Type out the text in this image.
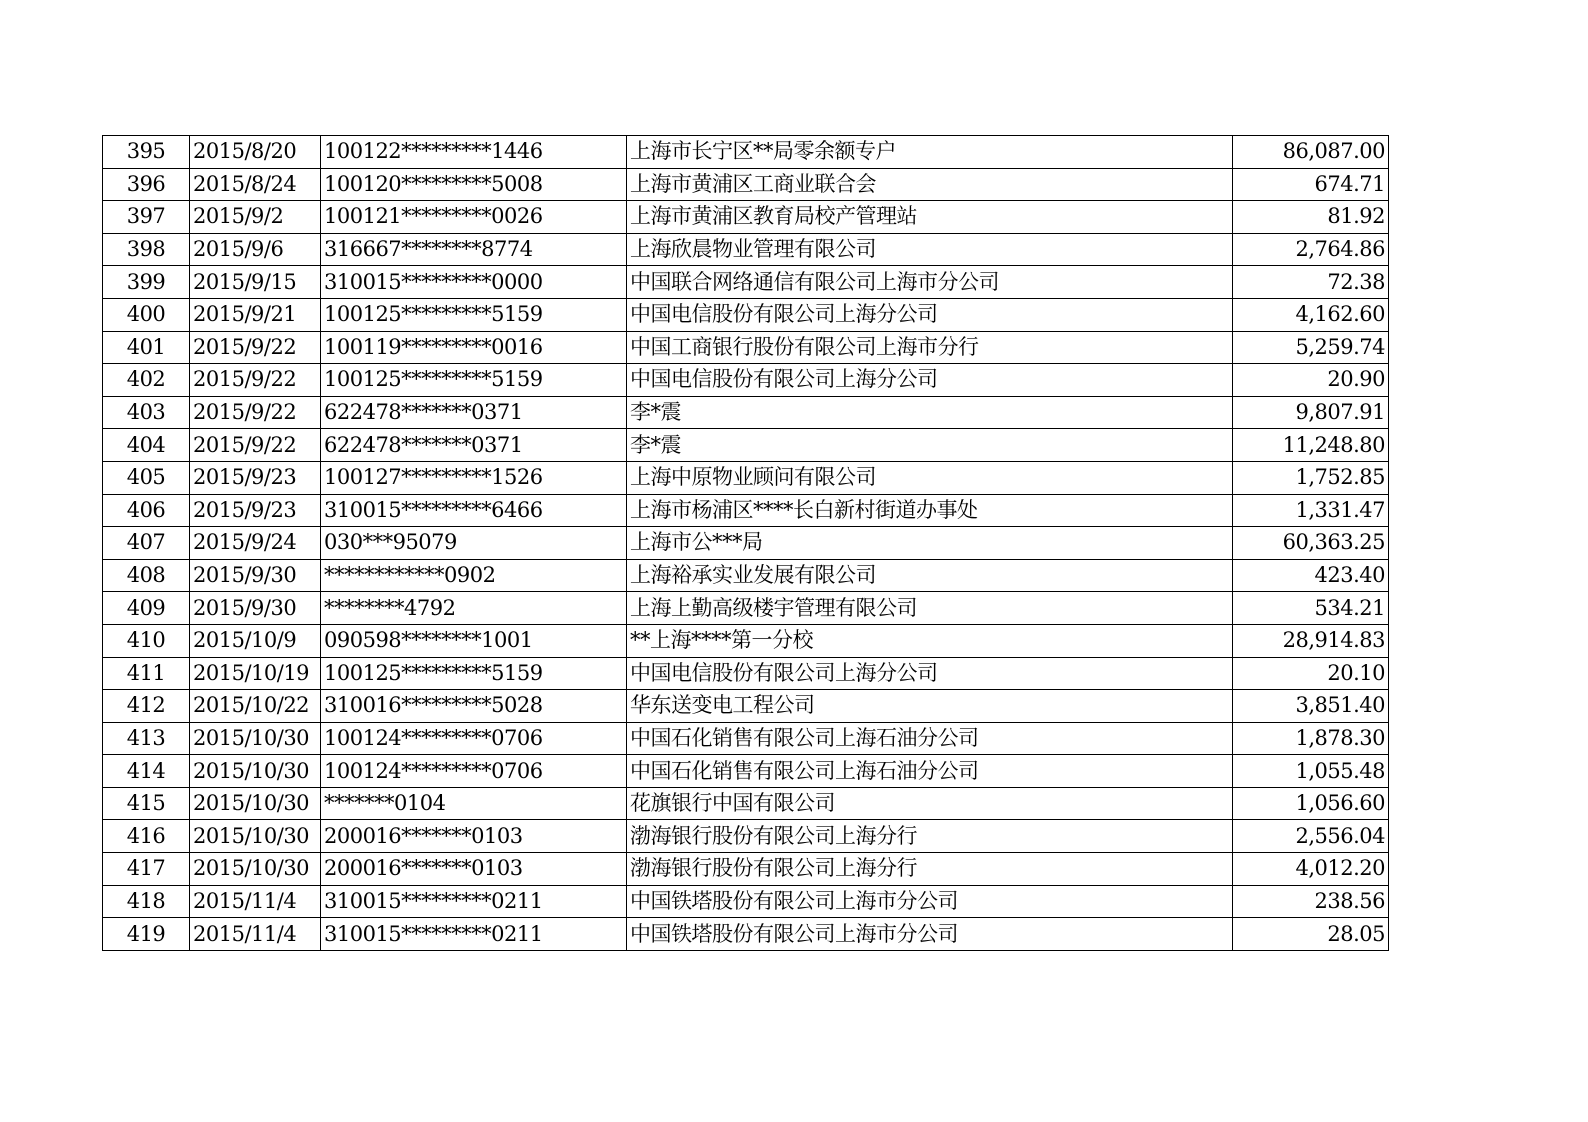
395	2015/8/20	100122*********1446	上海市长宁区**局零余额专户	86,087.00
396	2015/8/24	100120*********5008	上海市黄浦区工商业联合会	674.71
397	2015/9/2	100121*********0026	上海市黄浦区教育局校产管理站	81.92
398	2015/9/6	316667********8774	上海欣晨物业管理有限公司	2,764.86
399	2015/9/15	310015*********0000	中国联合网络通信有限公司上海市分公司	72.38
400	2015/9/21	100125*********5159	中国电信股份有限公司上海分公司	4,162.60
401	2015/9/22	100119*********0016	中国工商银行股份有限公司上海市分行	5,259.74
402	2015/9/22	100125*********5159	中国电信股份有限公司上海分公司	20.90
403	2015/9/22	622478*******0371	李*震	9,807.91
404	2015/9/22	622478*******0371	李*震	11,248.80
405	2015/9/23	100127*********1526	上海中原物业顾问有限公司	1,752.85
406	2015/9/23	310015*********6466	上海市杨浦区****长白新村街道办事处	1,331.47
407	2015/9/24	030***95079	上海市公***局	60,363.25
408	2015/9/30	************0902	上海裕承实业发展有限公司	423.40
409	2015/9/30	********4792	上海上勤高级楼宇管理有限公司	534.21
410	2015/10/9	090598********1001	**上海****第一分校	28,914.83
411	2015/10/19	100125*********5159	中国电信股份有限公司上海分公司	20.10
412	2015/10/22	310016*********5028	华东送变电工程公司	3,851.40
413	2015/10/30	100124*********0706	中国石化销售有限公司上海石油分公司	1,878.30
414	2015/10/30	100124*********0706	中国石化销售有限公司上海石油分公司	1,055.48
415	2015/10/30	*******0104	花旗银行中国有限公司	1,056.60
416	2015/10/30	200016*******0103	渤海银行股份有限公司上海分行	2,556.04
417	2015/10/30	200016*******0103	渤海银行股份有限公司上海分行	4,012.20
418	2015/11/4	310015*********0211	中国铁塔股份有限公司上海市分公司	238.56
419	2015/11/4	310015*********0211	中国铁塔股份有限公司上海市分公司	28.05
